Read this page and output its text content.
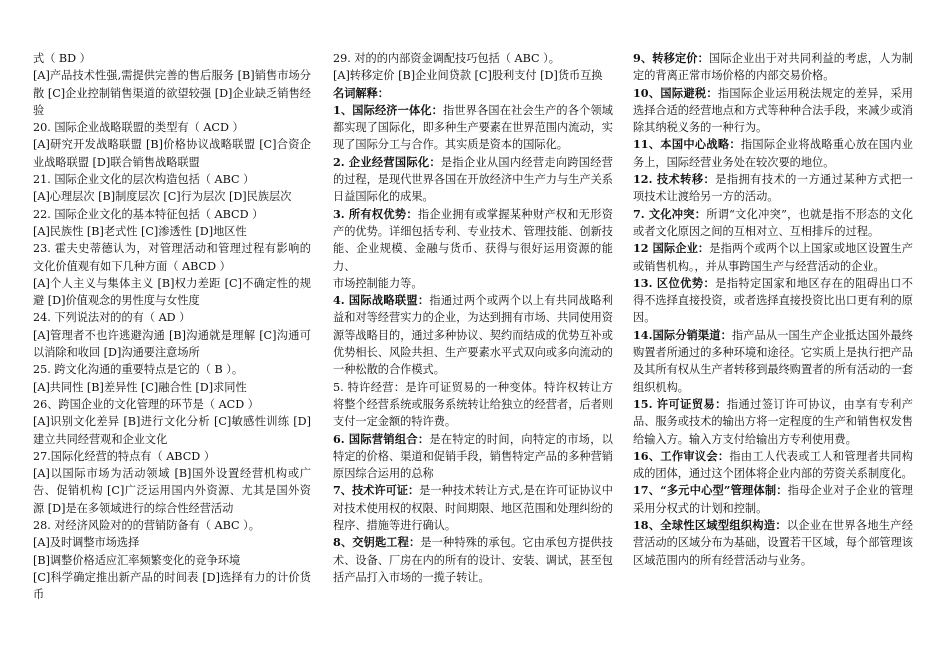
式（ BD ）

[A]产品技术性强,需提供完善的售后服务 [B]销售市场分散 [C]企业控制销售渠道的欲望较强 [D]企业缺乏销售经验

20. 国际企业战略联盟的类型有（ ACD ）

[A]研究开发战略联盟 [B]价格协议战略联盟 [C]合资企业战略联盟 [D]联合销售战略联盟

21. 国际企业文化的层次构造包括（ ABC ）

[A]心理层次 [B]制度层次 [C]行为层次 [D]民族层次

22. 国际企业文化的基本特征包括（ ABCD ）

[A]民族性 [B]老式性 [C]渗透性 [D]地区性

23. 霍夫史蒂德认为，对管理活动和管理过程有影响的文化价值观有如下几种方面（ ABCD ）

[A]个人主义与集体主义 [B]权力差距 [C]不确定性的规避 [D]价值观念的男性度与女性度

24. 下列说法对的的有（ AD ）

[A]管理者不也许逃避沟通 [B]沟通就是理解 [C]沟通可以消除和收回 [D]沟通要注意场所

25. 跨文化沟通的重要特点是它的（ B ）。

[A]共同性 [B]差异性 [C]融合性 [D]求同性

26、跨国企业的文化管理的环节是（ ACD ）

[A]识别文化差异 [B]进行文化分析 [C]敏感性训练 [D]建立共同经营观和企业文化

27.国际化经营的特点有（ ABCD ）

[A]以国际市场为活动领域 [B]国外设置经营机构或广告、促销机构 [C]广泛运用国内外资源、尤其是国外资源 [D]是在多领域进行的综合性经营活动

28. 对经济风险对的的营销防备有（ ABC ）。

[A]及时调整市场选择

[B]调整价格适应汇率频繁变化的竞争环境

[C]科学确定推出新产品的时间表 [D]选择有力的计价货币

29. 对的的内部资金调配技巧包括（ ABC ）。

[A]转移定价 [B]企业间贷款 [C]股利支付 [D]货币互换

名词解释：

1、国际经济一体化：指世界各国在社会生产的各个领域都实现了国际化，即多种生产要素在世界范围内流动，实现了国际分工与合作。其实质是资本的国际化。

2. 企业经营国际化：是指企业从国内经营走向跨国经营的过程，是现代世界各国在开放经济中生产力与生产关系日益国际化的成果。

3. 所有权优势：指企业拥有或掌握某种财产权和无形资产的优势。详细包括专利、专业技术、管理技能、创新技能、企业规模、金融与货币、获得与很好运用资源的能力、

市场控制能力等。

4. 国际战略联盟：指通过两个或两个以上有共同战略利益和对等经营实力的企业，为达到拥有市场、共同使用资源等战略目的，通过多种协议、契约而结成的优势互补或优势相长、风险共担、生产要素水平式双向或多向流动的一种松散的合作模式。

5. 特许经营：是许可证贸易的一种变体。特许权转让方将整个经营系统或服务系统转让给独立的经营者，后者则支付一定金额的特许费。

6. 国际营销组合：是在特定的时间，向特定的市场，以特定的价格、渠道和促销手段，销售特定产品的多种营销原因综合运用的总称

7、技术许可证：是一种技术转让方式,是在许可证协议中对技术使用权的权限、时间期限、地区范围和处理纠纷的程序、措施等进行确认。

8、交钥匙工程：是一种特殊的承包。它由承包方提供技术、设备、厂房在内的所有的设计、安装、调试，甚至包括产品打入市场的一揽子转让。

9、转移定价：国际企业出于对共同利益的考虑，人为制定的背离正常市场价格的内部交易价格。

10、国际避税：指国际企业运用税法规定的差异，采用选择合适的经营地点和方式等种种合法手段，来减少或消除其纳税义务的一种行为。

11、本国中心战略：指国际企业将战略重心放在国内业务上，国际经营业务处在较次要的地位。

12. 技术转移：是指拥有技术的一方通过某种方式把一项技术让渡给另一方的活动。

7. 文化冲突：所谓“文化冲突”，也就是指不形态的文化或者文化原因之间的互相对立、互相排斥的过程。

12 国际企业：是指两个或两个以上国家或地区设置生产或销售机构。，并从事跨国生产与经营活动的企业。

13. 区位优势：是指特定国家和地区存在的阻碍出口不得不选择直接投资，或者选择直接投资比出口更有利的原因。

14.国际分销渠道：指产品从一国生产企业抵达国外最终购置者所通过的多种环境和途径。它实质上是执行把产品及其所有权从生产者转移到最终购置者的所有活动的一套组织机构。

15. 许可证贸易：指通过签订许可协议，由享有专利产品、服务或技术的输出方将一定程度的生产和销售权发售给输入方。输入方支付给输出方专利使用费。

16、工作审议会：指由工人代表或工人和管理者共同构成的团体，通过这个团体将企业内部的劳资关系制度化。

17、“多元中心型”管理体制：指母企业对子企业的管理采用分权式的计划和控制。

18、全球性区域型组织构造：以企业在世界各地生产经营活动的区域分布为基础，设置若干区域，每个部管理该区域范围内的所有经营活动与业务。
